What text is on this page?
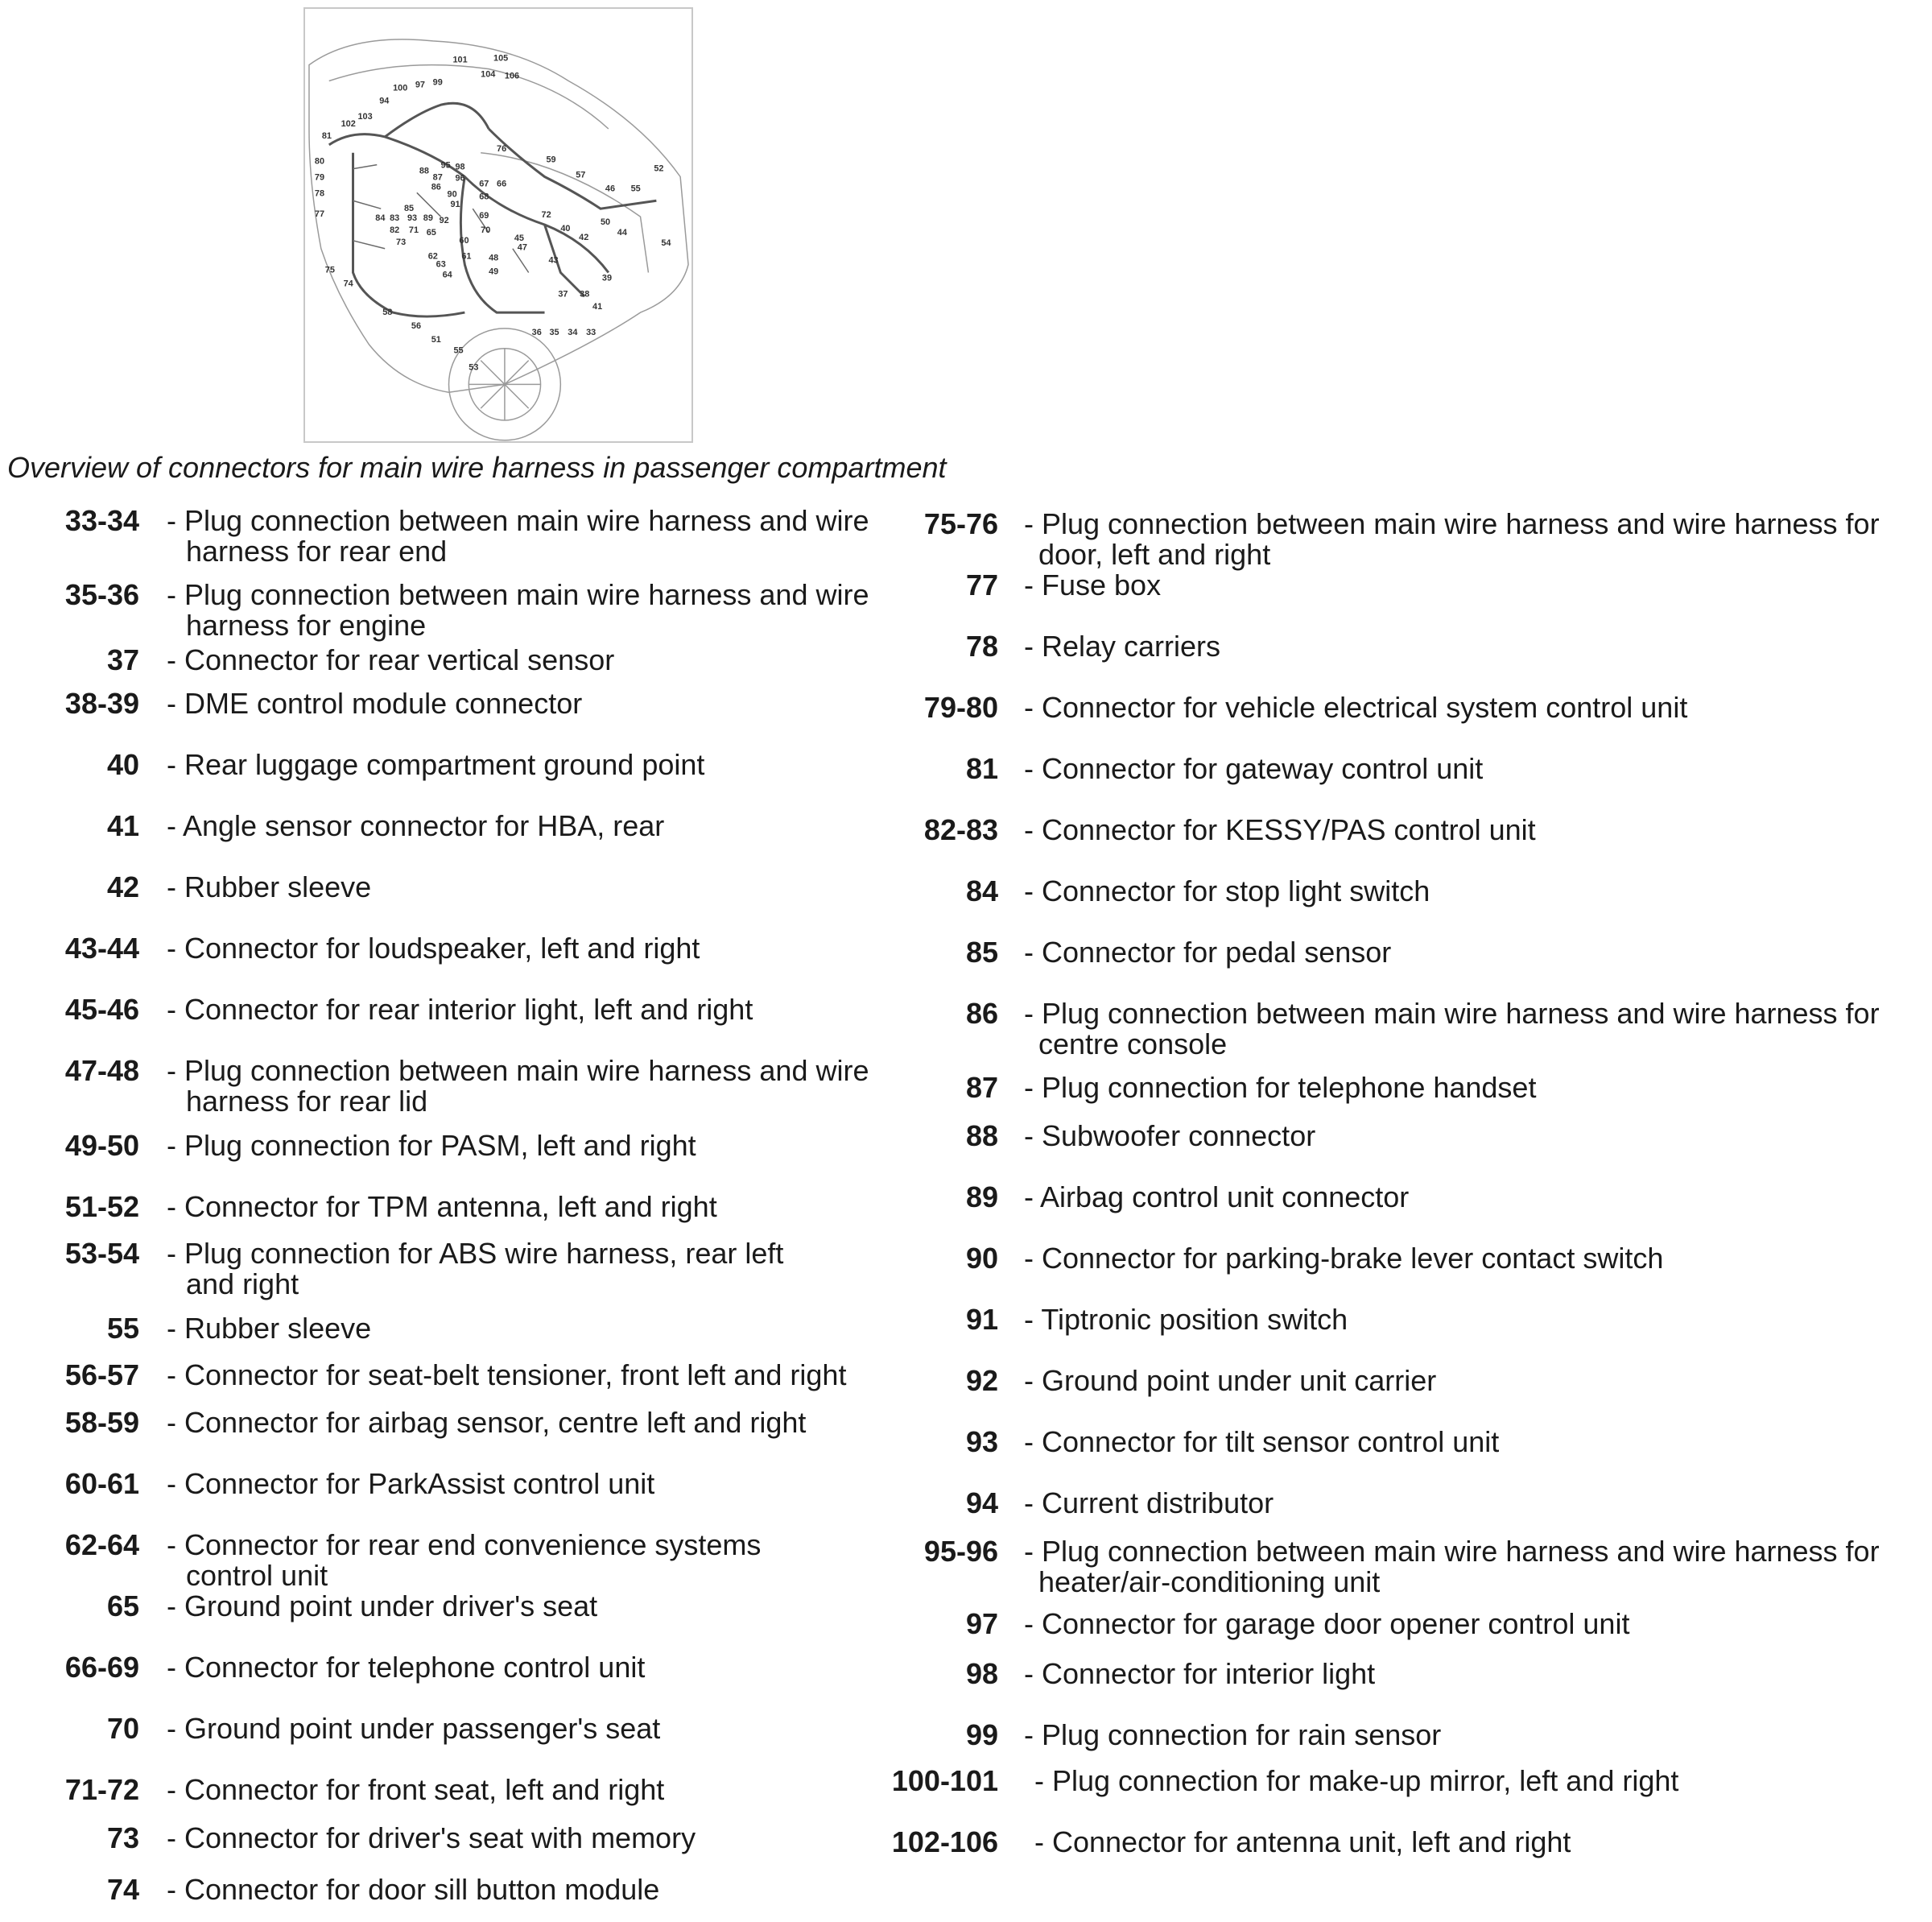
101	105
104 106
100 97 99
94
102
103
81
80
79
78
77
88
95 98
87 96
86
90
91
67 66
68
85
69
84 83 93 89 92
71 65	70
82
73	60
61
62
63
64
75
74
58
56
51
55
53
76
59
57
46 55
52
72
45
47
40
42
50
44
54
48
49
43
39
37 38
41
36 35 34 33
Overview of connectors for main wire harness in passenger compartment
33-34 - Plug connection between main wire harness and wire
harness for rear end
35-36 - Plug connection between main wire harness and wire
harness for engine
37 - Connector for rear vertical sensor
38-39 - DME control module connector
40 - Rear luggage compartment ground point
41 - Angle sensor connector for HBA, rear
42 - Rubber sleeve
43-44 - Connector for loudspeaker, left and right
45-46 - Connector for rear interior light, left and right
47-48 - Plug connection between main wire harness and wire
harness for rear lid
49-50 - Plug connection for PASM, left and right
51-52 - Connector for TPM antenna, left and right
53-54 - Plug connection for ABS wire harness, rear left
and right
55 - Rubber sleeve
56-57 - Connector for seat-belt tensioner, front left and right
58-59 - Connector for airbag sensor, centre left and right
60-61 - Connector for ParkAssist control unit
62-64 - Connector for rear end convenience systems
control unit
65 - Ground point under driver's seat
66-69 - Connector for telephone control unit
70 - Ground point under passenger's seat
71-72 - Connector for front seat, left and right
73 - Connector for driver's seat with memory
74 - Connector for door sill button module
75-76 - Plug connection between main wire harness and wire harness for
door, left and right
77 - Fuse box
78 - Relay carriers
79-80 - Connector for vehicle electrical system control unit
81 - Connector for gateway control unit
82-83 - Connector for KESSY/PAS control unit
84 - Connector for stop light switch
85 - Connector for pedal sensor
86 - Plug connection between main wire harness and wire harness for
centre console
87 - Plug connection for telephone handset
88 - Subwoofer connector
89 - Airbag control unit connector
90 - Connector for parking-brake lever contact switch
91 - Tiptronic position switch
92 - Ground point under unit carrier
93 - Connector for tilt sensor control unit
94 - Current distributor
95-96 - Plug connection between main wire harness and wire harness for
heater/air-conditioning unit
97 - Connector for garage door opener control unit
98 - Connector for interior light
99 - Plug connection for rain sensor
100-101 - Plug connection for make-up mirror, left and right
102-106 - Connector for antenna unit, left and right
